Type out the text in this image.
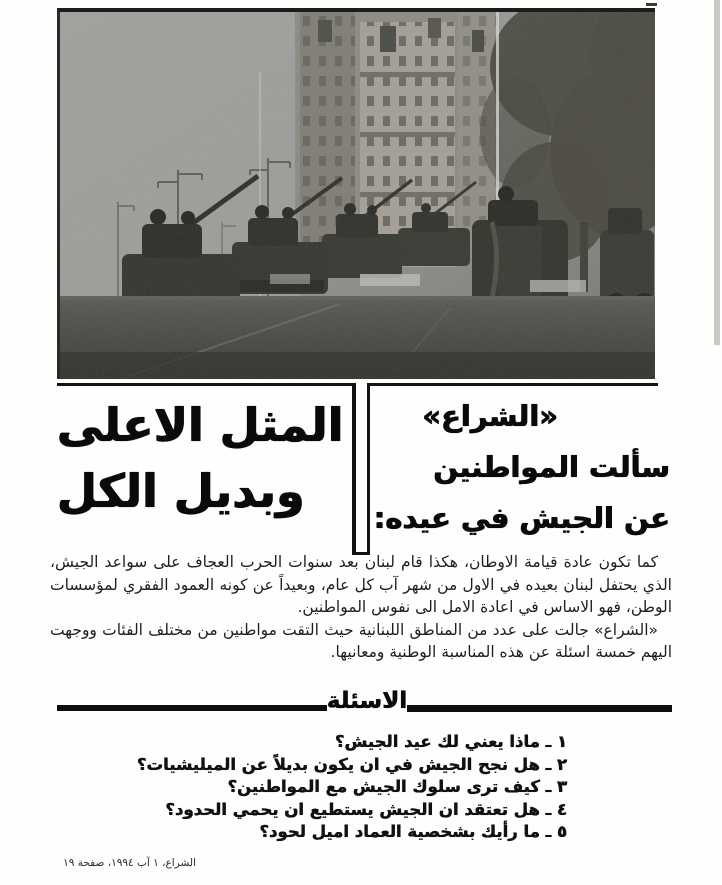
المثل الاعلى
وبديل الكل
«الشراع»
سألت المواطنين
عن الجيش في عيده:

كما تكون عادة قيامة الاوطان، هكذا قام لبنان بعد سنوات الحرب العجاف على سواعد الجيش، الذي يحتفل لبنان بعيده في الاول من شهر آب كل عام، وبعيداً عن كونه العمود الفقري لمؤسسات الوطن، فهو الاساس في اعادة الامل الى نفوس المواطنين.

«الشراع» جالت على عدد من المناطق اللبنانية حيث التقت مواطنين من مختلف الفئات ووجهت اليهم خمسة اسئلة عن هذه المناسبة الوطنية ومعانيها.

الاسئلة
١ ـ ماذا يعني لك عيد الجيش؟
٢ ـ هل نجح الجيش في ان يكون بديلاً عن الميليشيات؟
٣ ـ كيف ترى سلوك الجيش مع المواطنين؟
٤ ـ هل تعتقد ان الجيش يستطيع ان يحمي الحدود؟
٥ ـ ما رأيك بشخصية العماد اميل لحود؟
الشراع، ١ آب ١٩٩٤، صفحة ١٩
